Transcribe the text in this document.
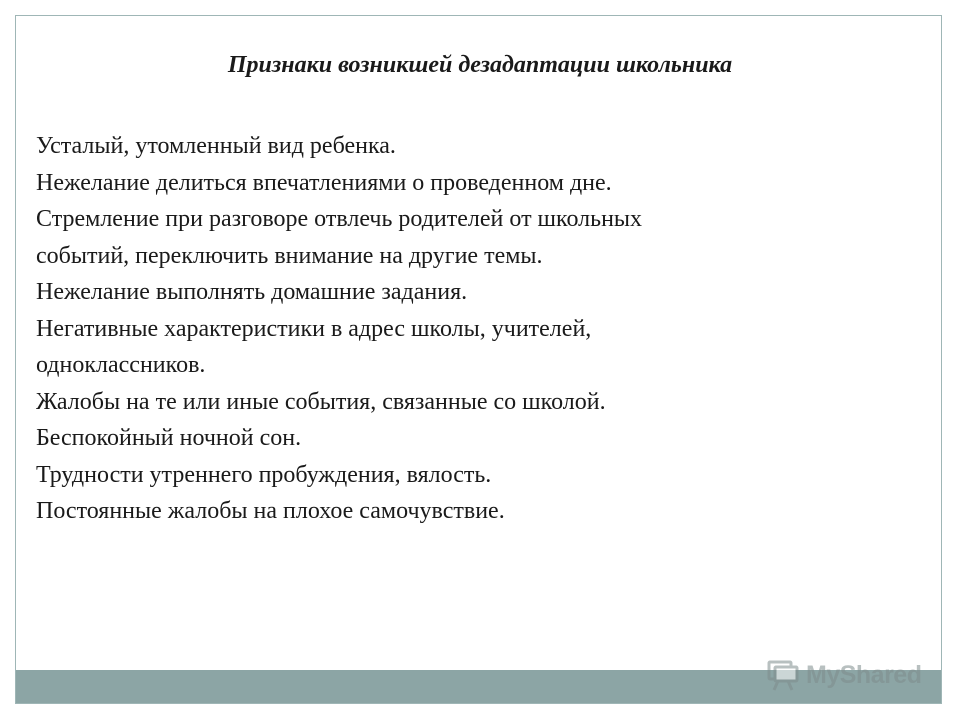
Признаки возникшей дезадаптации школьника
Усталый, утомленный вид ребенка.
Нежелание делиться впечатлениями о проведенном дне.
Стремление при разговоре отвлечь родителей от школьных
событий, переключить внимание на другие темы.
Нежелание выполнять домашние задания.
Негативные характеристики в адрес школы, учителей,
одноклассников.
Жалобы на те или иные события, связанные со школой.
Беспокойный ночной сон.
Трудности утреннего пробуждения, вялость.
Постоянные жалобы на плохое самочувствие.
MyShared
